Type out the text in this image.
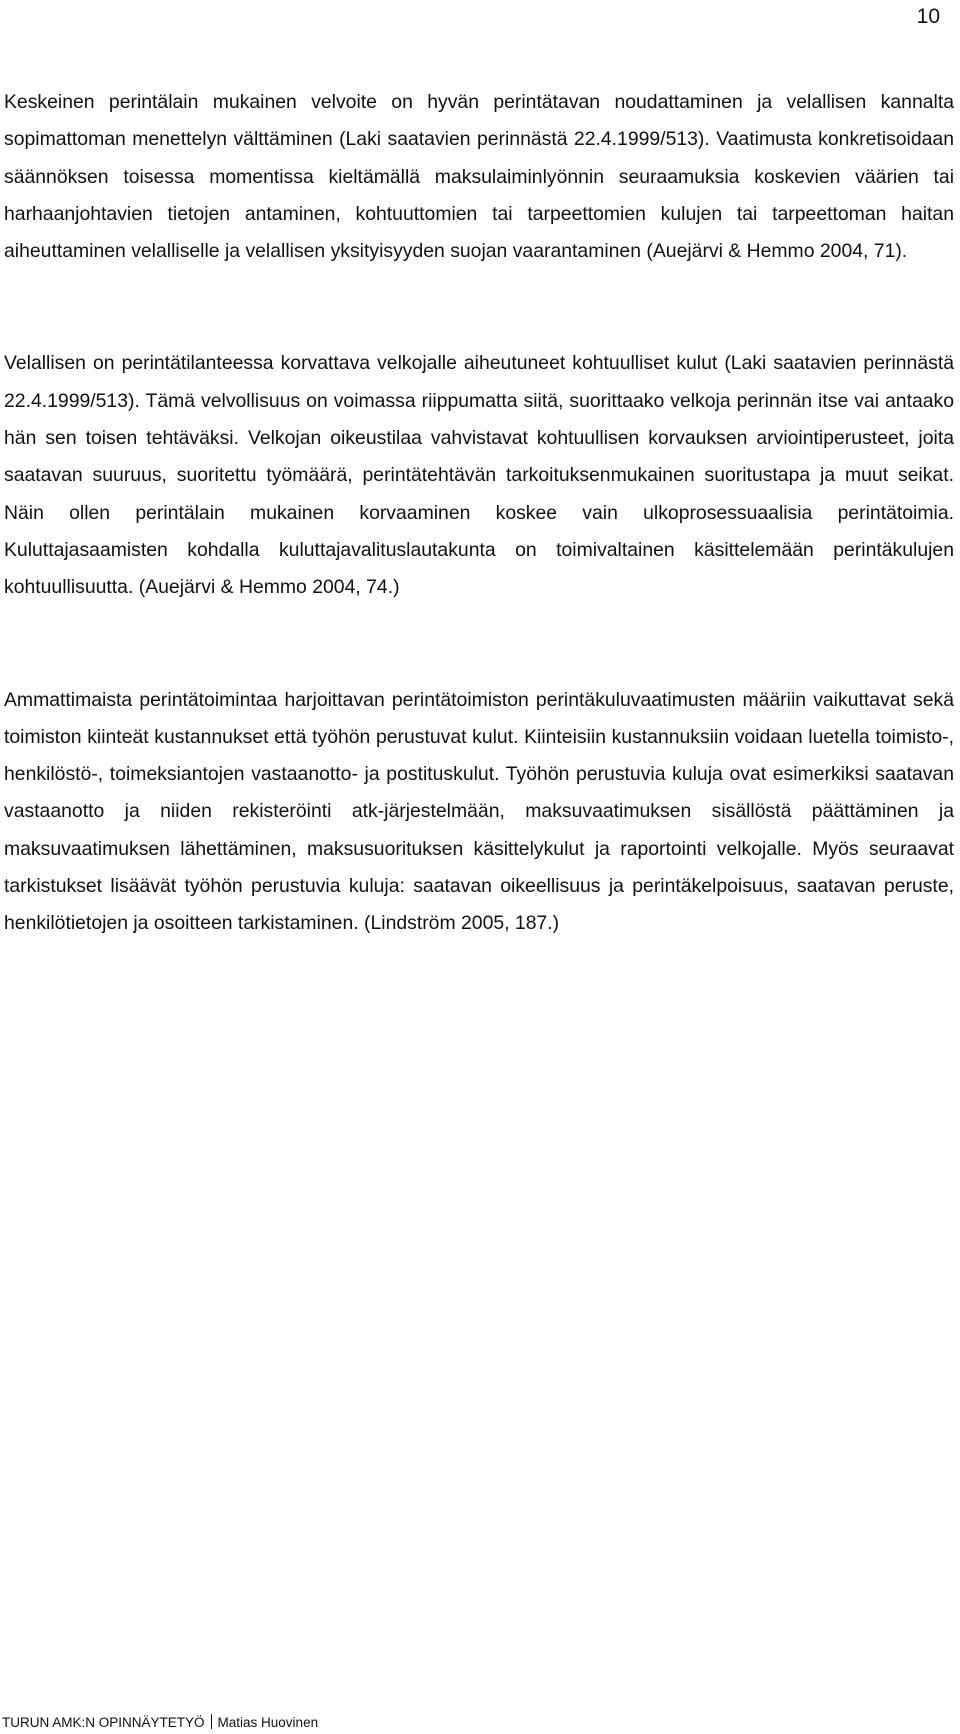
10

Keskeinen perintälain mukainen velvoite on hyvän perintätavan noudattaminen ja velallisen kannalta sopimattoman menettelyn välttäminen (Laki saatavien perinnästä 22.4.1999/513). Vaatimusta konkretisoidaan säännöksen toisessa momentissa kieltämällä maksulaiminlyönnin seuraamuksia koskevien väärien tai harhaanjohtavien tietojen antaminen, kohtuuttomien tai tarpeettomien kulujen tai tarpeettoman haitan aiheuttaminen velalliselle ja velallisen yksityisyyden suojan vaarantaminen (Auejärvi & Hemmo 2004, 71).

Velallisen on perintätilanteessa korvattava velkojalle aiheutuneet kohtuulliset kulut (Laki saatavien perinnästä 22.4.1999/513). Tämä velvollisuus on voimassa riippumatta siitä, suorittaako velkoja perinnän itse vai antaako hän sen toisen tehtäväksi. Velkojan oikeustilaa vahvistavat kohtuullisen korvauksen arviointiperusteet, joita saatavan suuruus, suoritettu työmäärä, perintätehtävän tarkoituksenmukainen suoritustapa ja muut seikat. Näin ollen perintälain mukainen korvaaminen koskee vain ulkoprosessuaalisia perintätoimia. Kuluttajasaamisten kohdalla kuluttajavalituslautakunta on toimivaltainen käsittelemään perintäkulujen kohtuullisuutta. (Auejärvi & Hemmo 2004, 74.)

Ammattimaista perintätoimintaa harjoittavan perintätoimiston perintäkuluvaatimusten määriin vaikuttavat sekä toimiston kiinteät kustannukset että työhön perustuvat kulut. Kiinteisiin kustannuksiin voidaan luetella toimisto-, henkilöstö-, toimeksiantojen vastaanotto- ja postituskulut. Työhön perustuvia kuluja ovat esimerkiksi saatavan vastaanotto ja niiden rekisteröinti atk-järjestelmään, maksuvaatimuksen sisällöstä päättäminen ja maksuvaatimuksen lähettäminen, maksusuorituksen käsittelykulut ja raportointi velkojalle. Myös seuraavat tarkistukset lisäävät työhön perustuvia kuluja: saatavan oikeellisuus ja perintäkelpoisuus, saatavan peruste, henkilötietojen ja osoitteen tarkistaminen. (Lindström 2005, 187.)

TURUN AMK:N OPINNÄYTETYÖ Matias Huovinen
